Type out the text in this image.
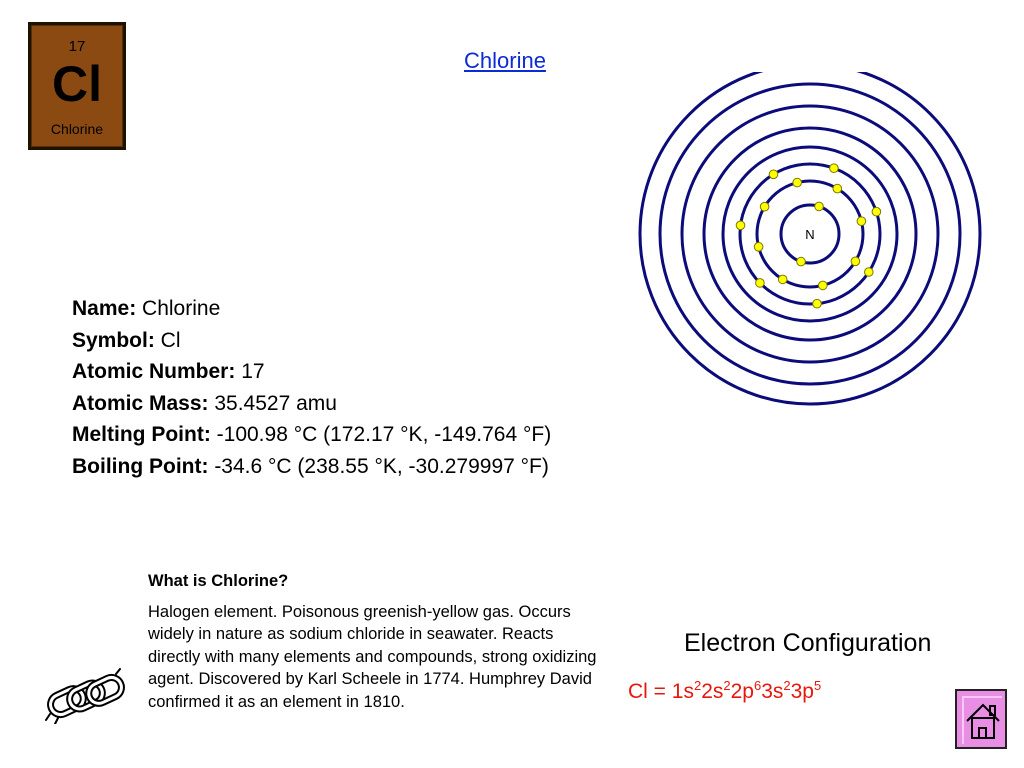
17
Cl
Chlorine
Chlorine
N
Name: Chlorine
Symbol: Cl
Atomic Number: 17
Atomic Mass: 35.4527 amu
Melting Point: -100.98 °C (172.17 °K, -149.764 °F)
Boiling Point: -34.6 °C (238.55 °K, -30.279997 °F)
What is Chlorine?
Halogen element. Poisonous greenish-yellow gas. Occurs widely in nature as sodium chloride in seawater. Reacts directly with many elements and compounds, strong oxidizing agent. Discovered by Karl Scheele in 1774. Humphrey David confirmed it as an element in 1810.
Electron Configuration
$Cl = 1s^22s^22p^63s^23p^5$
